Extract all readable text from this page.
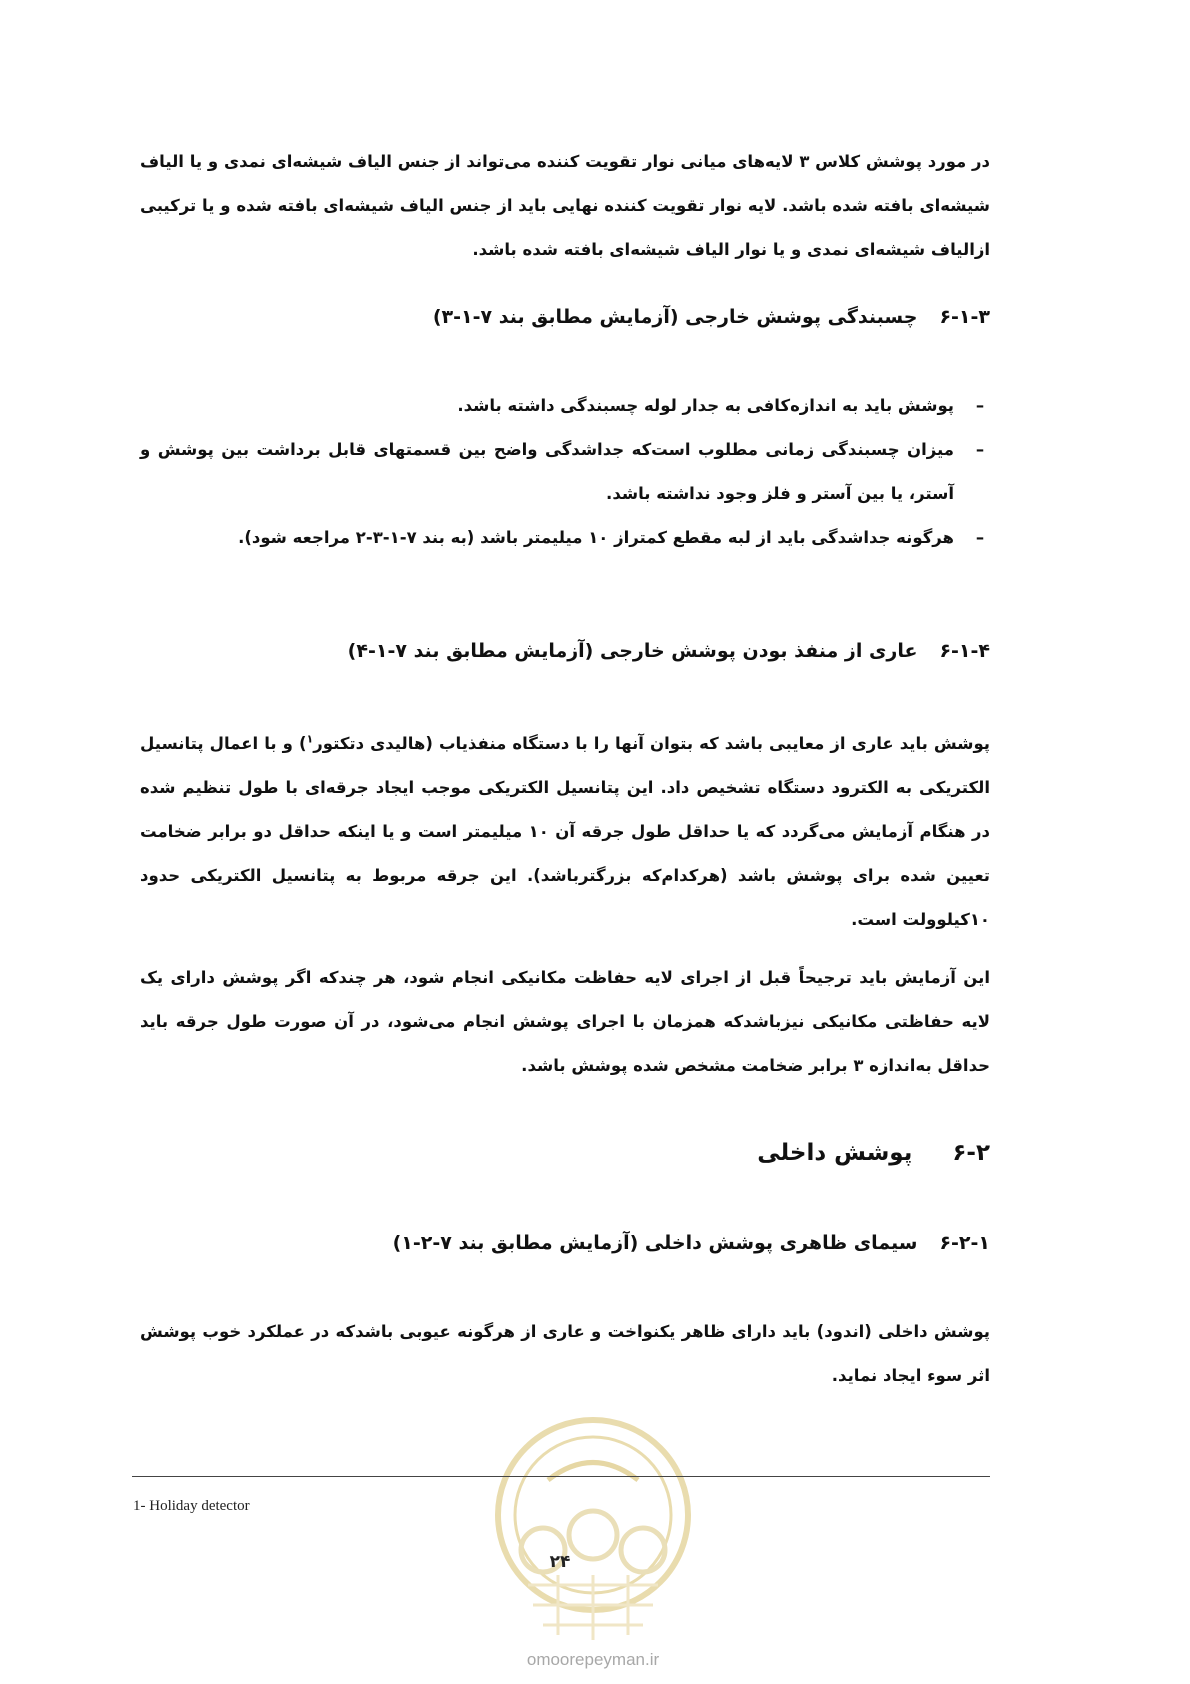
در مورد پوشش کلاس ۳ لایه‌های میانی نوار تقویت کننده می‌تواند از جنس الیاف شیشه‌ای نمدی و یا الیاف شیشه‌ای بافته شده باشد. لایه نوار تقویت کننده نهایی باید از جنس الیاف شیشه‌ای بافته شده و یا ترکیبی ازالیاف شیشه‌ای نمدی و یا نوار الیاف شیشه‌ای بافته شده باشد.

۶-۱-۳چسبندگی پوشش خارجی (آزمایش مطابق بند ۷-۱-۳)
–
پوشش باید به اندازه‌کافی به جدار لوله چسبندگی داشته باشد.
–
میزان چسبندگی زمانی مطلوب است‌که جداشدگی واضح بین قسمتهای قابل برداشت بین پوشش و آستر، یا بین آستر و فلز وجود نداشته باشد.
–
هرگونه جداشدگی باید از لبه مقطع کمتراز ۱۰ میلیمتر باشد (به بند ۷-۱-۳-۲ مراجعه شود).
۶-۱-۴عاری از منفذ بودن پوشش خارجی (آزمایش مطابق بند ۷-۱-۴)

پوشش باید عاری از معایبی باشد که بتوان آنها را با دستگاه منفذیاب (هالیدی دتکتور$^۱$) و با اعمال پتانسیل الکتریکی به الکترود دستگاه تشخیص داد. این پتانسیل الکتریکی موجب ایجاد جرقه‌ای با طول تنظیم شده در هنگام آزمایش می‌گردد که یا حداقل طول جرقه آن ۱۰ میلیمتر است و یا اینکه حداقل دو برابر ضخامت تعیین شده برای پوشش باشد (هرکدام‌که بزرگترباشد). این جرقه مربوط به پتانسیل الکتریکی حدود ۱۰کیلوولت است.

این آزمایش باید ترجیحاً قبل از اجرای لایه حفاظت مکانیکی انجام شود، هر چندکه اگر پوشش دارای یک لایه حفاظتی مکانیکی نیزباشدکه همزمان با اجرای پوشش انجام می‌شود، در آن صورت طول جرقه باید حداقل به‌اندازه ۳ برابر ضخامت مشخص شده پوشش باشد.

۶-۲پوشش داخلی
۶-۲-۱سیمای ظاهری پوشش داخلی (آزمایش مطابق بند ۷-۲-۱)

پوشش داخلی (اندود) باید دارای ظاهر یکنواخت و عاری از هرگونه عیوبی باشدکه در عملکرد خوب پوشش اثر سوء ایجاد نماید.

1- Holiday detector
۲۴
omoorepeyman.ir
